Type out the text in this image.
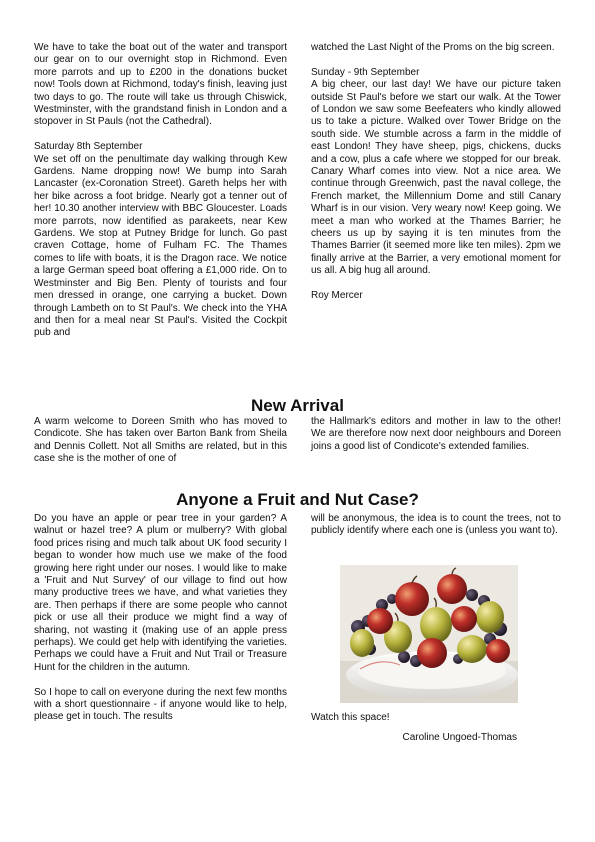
We have to take the boat out of the water and transport our gear on to our overnight stop in Richmond. Even more parrots and up to £200 in the donations bucket now! Tools down at Richmond, today's finish, leaving just two days to go. The route will take us through Chiswick, Westminster, with the grandstand finish in London and a stopover in St Pauls (not the Cathedral).

Saturday 8th September

We set off on the penultimate day walking through Kew Gardens. Name dropping now! We bump into Sarah Lancaster (ex-Coronation Street). Gareth helps her with her bike across a foot bridge. Nearly got a tenner out of her! 10.30 another interview with BBC Gloucester. Loads more parrots, now identified as parakeets, near Kew Gardens. We stop at Putney Bridge for lunch. Go past craven Cottage, home of Fulham FC. The Thames comes to life with boats, it is the Dragon race. We notice a large German speed boat offering a £1,000 ride. On to Westminster and Big Ben. Plenty of tourists and four men dressed in orange, one carrying a bucket. Down through Lambeth on to St Paul's. We check into the YHA and then for a meal near St Paul's. Visited the Cockpit pub and

watched the Last Night of the Proms on the big screen.

Sunday - 9th September

A big cheer, our last day! We have our picture taken outside St Paul's before we start our walk. At the Tower of London we saw some Beefeaters who kindly allowed us to take a picture. Walked over Tower Bridge on the south side. We stumble across a farm in the middle of east London! They have sheep, pigs, chickens, ducks and a cow, plus a cafe where we stopped for our break. Canary Wharf comes into view. Not a nice area. We continue through Greenwich, past the naval college, the French market, the Millennium Dome and still Canary Wharf is in our vision. Very weary now! Keep going. We meet a man who worked at the Thames Barrier; he cheers us up by saying it is ten minutes from the Thames Barrier (it seemed more like ten miles). 2pm we finally arrive at the Barrier, a very emotional moment for us all. A big hug all around.

Roy Mercer

New Arrival

A warm welcome to Doreen Smith who has moved to Condicote. She has taken over Barton Bank from Sheila and Dennis Collett. Not all Smiths are related, but in this case she is the mother of one of

the Hallmark's editors and mother in law to the other! We are therefore now next door neighbours and Doreen joins a good list of Condicote's extended families.

Anyone a Fruit and Nut Case?

Do you have an apple or pear tree in your garden? A walnut or hazel tree? A plum or mulberry? With global food prices rising and much talk about UK food security I began to wonder how much use we make of the food growing here right under our noses. I would like to make a 'Fruit and Nut Survey' of our village to find out how many productive trees we have, and what varieties they are. Then perhaps if there are some people who cannot pick or use all their produce we might find a way of sharing, not wasting it (making use of an apple press perhaps). We could get help with identifying the varieties. Perhaps we could have a Fruit and Nut Trail or Treasure Hunt for the children in the autumn.

So I hope to call on everyone during the next few months with a short questionnaire - if anyone would like to help, please get in touch. The results

will be anonymous, the idea is to count the trees, not to publicly identify where each one is (unless you want to).

Watch this space!

Caroline Ungoed-Thomas
